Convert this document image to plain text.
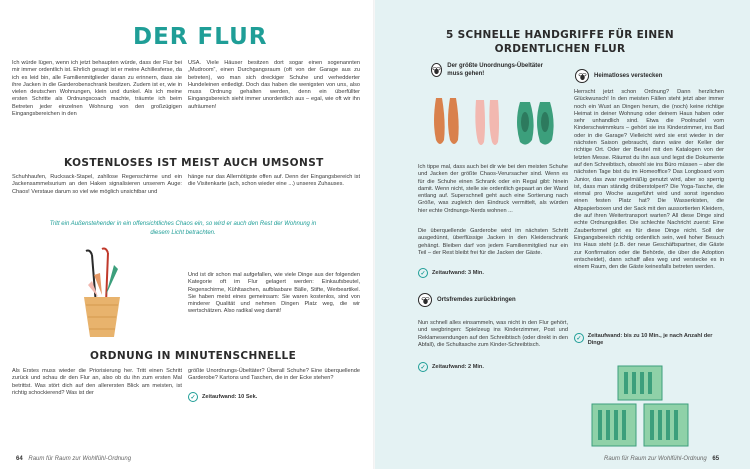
DER FLUR
Ich würde lügen, wenn ich jetzt behaupten würde, dass der Flur bei mir immer ordentlich ist. Ehrlich gesagt ist er meine Achillesferse, da ich es leid bin, alle Familienmitglieder daran zu erinnern, dass sie ihre Jacken in die Garderobenschrank besitzen. Zudem ist er, wie in vielen deutschen Wohnungen, klein und dunkel. Als ich meine ersten Schritte als Ordnungscoach machte, träumte ich beim Betreten jeder einzelnen Wohnung von den großzügigen Eingangsbereichen in den
USA. Viele Häuser besitzen dort sogar einen sogenannten „Mudroom“, einen Durchgangsraum (oft von der Garage aus zu betreten), wo man sich dreckiger Schuhe und verhedderter Hundeleinen entledigt. Doch das haben die wenigsten von uns, also muss Ordnung gehalten werden, denn ein überfüllter Eingangsbereich sieht immer unordentlich aus – egal, wie oft wir ihn aufräumen!
KOSTENLOSES IST MEIST AUCH UMSONST
Schuhhaufen, Rucksack-Stapel, zahllose Regenschirme und ein Jackensammelsurium an den Haken signalisieren unserem Auge: Chaos! Verstaue darum so viel wie möglich unsichtbar und
hänge nur das Allernötigste offen auf. Denn der Eingangsbereich ist die Visitenkarte (ach, schon wieder eine ...) unseres Zuhauses.
Tritt ein Außenstehender in ein offensichtliches Chaos ein, so wird er auch den Rest der Wohnung in diesem Licht betrachten.
Und ist dir schon mal aufgefallen, wie viele Dinge aus der folgenden Kategorie oft im Flur gelagert werden: Einkaufsbeutel, Regenschirme, Kühltaschen, aufblasbare Bälle, Stifte, Werbeartikel. Sie haben meist eines gemeinsam: Sie waren kostenlos, sind von minderer Qualität und nehmen Dingen Platz weg, die wir wertschätzen. Also radikal weg damit!
ORDNUNG IN MINUTENSCHNELLE
Als Erstes muss wieder die Priorisierung her. Tritt einen Schritt zurück und schau dir den Flur an, also ob du ihn zum ersten Mal betrittst. Was stört dich auf den allerersten Blick am meisten, ist richtig schockierend? Was ist der
größte Unordnungs-Übeltäter? Überall Schuhe? Eine überquellende Garderobe? Kartons und Taschen, die in der Ecke stehen?
✓	Zeitaufwand: 10 Sek.
64 Raum für Raum zur Wohlfühl-Ordnung
5 SCHNELLE HANDGRIFFE FÜR EINEN ORDENTLICHEN FLUR
Der größte Unordnungs-Übeltäter muss gehen!
Ich tippe mal, dass auch bei dir wie bei den meisten Schuhe und Jacken der größte Chaos-Verursacher sind. Wenn es für die Schuhe einen Schrank oder ein Regal gibt: hinein damit. Wenn nicht, stelle sie ordentlich gepaart an der Wand entlang auf. Superschnell geht auch eine Sortierung nach Größe, was zugleich den Eindruck vermittelt, als würden hier echte Ordnungs-Nerds wohnen ...
Die überquellende Garderobe wird im nächsten Schritt ausgedünnt, überflüssige Jacken in den Kleiderschrank gehängt. Bleiben darf von jedem Familienmitglied nur ein Teil – der Rest bleibt frei für die Jacken der Gäste.
✓	Zeitaufwand: 3 Min.
Ortsfremdes zurückbringen
Nun schnell alles einsammeln, was nicht in den Flur gehört, und wegbringen: Spielzeug ins Kinderzimmer, Post und Reklamesendungen auf den Schreibtisch (oder direkt in den Abfall), die Schultasche zum Kinder-Schreibtisch.
✓	Zeitaufwand: 2 Min.
Heimatloses verstecken
Herrscht jetzt schon Ordnung? Dann herzlichen Glückwunsch! In den meisten Fällen steht jetzt aber immer noch ein Wust an Dingen herum, die (noch) keine richtige Heimat in deiner Wohnung oder deinem Haus haben oder sehr unhandlich sind. Etwa die Poolnudel vom Kinderschwimmkurs – gehört sie ins Kinderzimmer, ins Bad oder in die Garage? Vielleicht wird sie erst wieder in der nächsten Saison gebraucht, dann wäre der Keller der richtige Ort. Oder der Beutel mit den Katalogen von der letzten Messe. Räumst du ihn aus und legst die Dokumente auf den Schreibtisch, obwohl sie ins Büro müssen – aber die nächsten Tage bist du im Homeoffice? Das Longboard vom Junior, das zwar regelmäßig genutzt wird, aber so sperrig ist, dass man ständig drüberstolpert? Die Yoga-Tasche, die einmal pro Woche ausgeführt wird und sonst irgendwo einen festen Platz hat? Die Wasserkisten, die Altpapierboxen und der Sack mit den aussortierten Kleidern, die auf ihren Weitertransport warten? All diese Dinge sind echte Ordnungskiller. Die schlechte Nachricht zuerst: Eine Zauberformel gibt es für diese Dinge nicht. Soll der Eingangsbereich richtig ordentlich sein, weil hoher Besuch ins Haus steht (z.B. der neue Geschäftspartner, die Gäste zur Konfirmation oder die Behörde, die über die Adoption entscheidet), dann schaff alles weg und verstecke es in einem Raum, den die Gäste keinesfalls betreten werden.
✓	Zeitaufwand: bis zu 10 Min., je nach Anzahl der Dinge
Raum für Raum zur Wohlfühl-Ordnung 65
